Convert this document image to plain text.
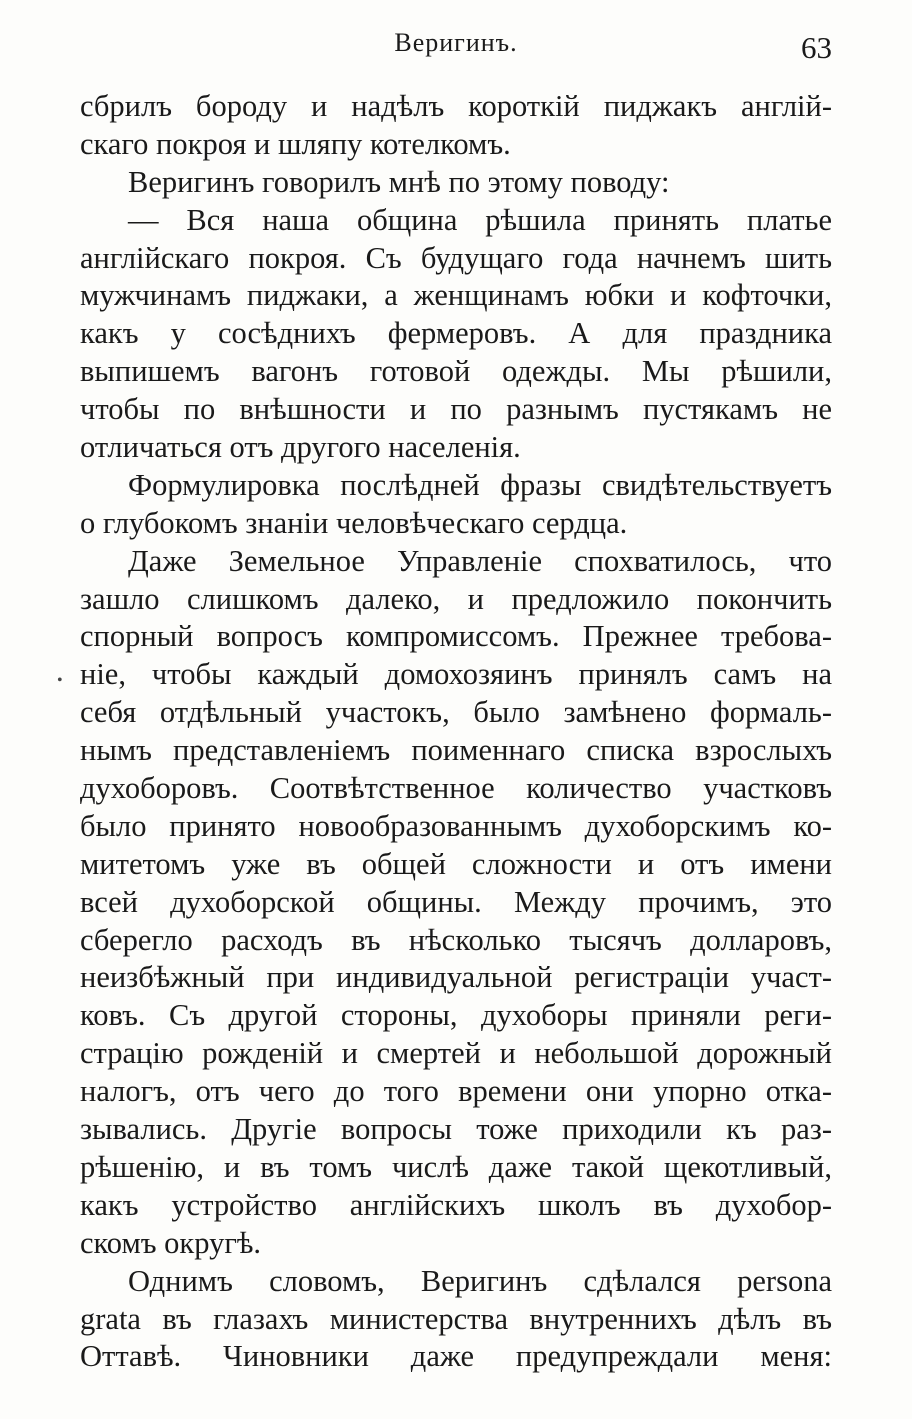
Веригинъ.	63
•
сбрилъ бороду и надѣлъ короткій пиджакъ англій-
скаго покроя и шляпу котелкомъ.
Веригинъ говорилъ мнѣ по этому поводу:
— Вся наша община рѣшила принять платье
англійскаго покроя. Съ будущаго года начнемъ шить
мужчинамъ пиджаки, а женщинамъ юбки и кофточки,
какъ у сосѣднихъ фермеровъ. А для праздника
выпишемъ вагонъ готовой одежды. Мы рѣшили,
чтобы по внѣшности и по разнымъ пустякамъ не
отличаться отъ другого населенія.
Формулировка послѣдней фразы свидѣтельствуетъ
о глубокомъ знаніи человѣческаго сердца.
Даже Земельное Управленіе спохватилось, что
зашло слишкомъ далеко, и предложило покончить
спорный вопросъ компромиссомъ. Прежнее требова-
ніе, чтобы каждый домохозяинъ принялъ самъ на
себя отдѣльный участокъ, было замѣнено формаль-
нымъ представленіемъ поименнаго списка взрослыхъ
духоборовъ. Соотвѣтственное количество участковъ
было принято новообразованнымъ духоборскимъ ко-
митетомъ уже въ общей сложности и отъ имени
всей духоборской общины. Между прочимъ, это
сберегло расходъ въ нѣсколько тысячъ долларовъ,
неизбѣжный при индивидуальной регистраціи участ-
ковъ. Съ другой стороны, духоборы приняли реги-
страцію рожденій и смертей и небольшой дорожный
налогъ, отъ чего до того времени они упорно отка-
зывались. Другіе вопросы тоже приходили къ раз-
рѣшенію, и въ томъ числѣ даже такой щекотливый,
какъ устройство англійскихъ школъ въ духобор-
скомъ округѣ.
Однимъ словомъ, Веригинъ сдѣлался persona
grata въ глазахъ министерства внутреннихъ дѣлъ въ
Оттавѣ. Чиновники даже предупреждали меня:
